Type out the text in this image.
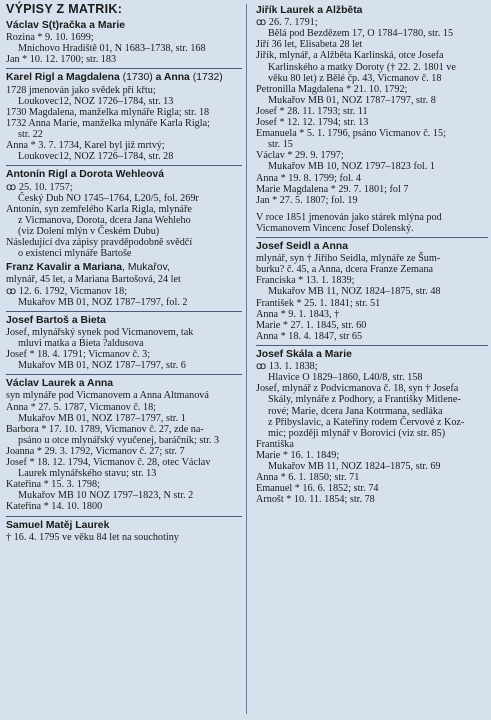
VÝPISY Z MATRIK:
Václav S(t)račka a Marie
Rozina * 9. 10. 1699;
Mnichovo Hradiště 01, N 1683–1738, str. 168
Jan * 10. 12. 1700; str. 183
Karel Rigl a Magdalena (1730) a Anna (1732)
1728 jmenován jako svědek při křtu;
Loukovec12, NOZ 1726–1784, str. 13
1730 Magdalena, manželka mlynáře Rigla; str. 18
1732 Anna Marie, manželka mlynáře Karla Rigla;
str. 22
Anna * 3. 7. 1734, Karel byl již mrtvý;
Loukovec12, NOZ 1726–1784, str. 28
Antonín Rigl a Dorota Wehleová
ꝏ 25. 10. 1757;
Český Dub NO 1745–1764, L20/5, fol. 269r
Antonín, syn zemřelého Karla Rigla, mlynáře
z Vicmanova, Dorota, dcera Jana Wehleho
(viz Dolení mlýn v Českém Dubu)
Následující dva zápisy pravděpodobně svědčí
o existenci mlynáře Bartoše
Franz Kavalir a Mariana, Mukařov,
mlynář, 45 let, a Mariana Bartošová, 24 let
ꝏ 12. 6. 1792, Vicmanov 18;
Mukařov MB 01, NOZ 1787–1797, fol. 2
Josef Bartoš a Bieta
Josef, mlynářský synek pod Vicmanovem, tak
mluvi matka a Bieta ?aldusova
Josef * 18. 4. 1791; Vicmanov č. 3;
Mukařov MB 01, NOZ 1787–1797, str. 6
Václav Laurek a Anna
syn mlynáře pod Vicmanovem a Anna Altmanová
Anna * 27. 5. 1787, Vicmanov č. 18;
Mukařov MB 01, NOZ 1787–1797, str. 1
Barbora * 17. 10. 1789, Vicmanov č. 27, zde na-
psáno u otce mlynářský vyučenej, baráčník; str. 3
Joanna * 29. 3. 1792, Vicmanov č. 27; str. 7
Josef * 18. 12. 1794, Vicmanov č. 28, otec Václav
Laurek mlynářského stavu; str. 13
Kateřina * 15. 3. 1798;
Mukařov MB 10 NOZ 1797–1823, N str. 2
Kateřina * 14. 10. 1800
Samuel Matěj Laurek
† 16. 4. 1795 ve věku 84 let na souchotiny
Jiřík Laurek a Alžběta
ꝏ 26. 7. 1791;
Bělá pod Bezdězem 17, O 1784–1780, str. 15
Jiří 36 let, Elisabeta 28 let
Jiřík, mlynář, a Alžběta Karlinská, otce Josefa
Karlinského a matky Doroty († 22. 2. 1801 ve
věku 80 let) z Bělé čp. 43, Vicmanov č. 18
Petronilla Magdalena * 21. 10. 1792;
Mukařov MB 01, NOZ 1787–1797, str. 8
Josef * 28. 11. 1793; str. 11
Josef * 12. 12. 1794; str. 13
Emanuela * 5. 1. 1796, psáno Vicmanov č. 15;
str. 15
Václav * 29. 9. 1797;
Mukařov MB 10, NOZ 1797–1823 fol. 1
Anna * 19. 8. 1799; fol. 4
Marie Magdalena * 29. 7. 1801; fol 7
Jan * 27. 5. 1807; fol. 19
V roce 1851 jmenován jako stárek mlýna pod
Vicmanovem Vincenc Josef Dolenský.
Josef Seidl a Anna
mlynář, syn † Jiřího Seidla, mlynáře ze Šum-
burku? č. 45, a Anna, dcera Franze Zemana
Franciska * 13. 1. 1839;
Mukařov MB 11, NOZ 1824–1875, str. 48
František * 25. 1. 1841; str. 51
Anna * 9. 1. 1843, †
Marie * 27. 1. 1845, str. 60
Anna * 18. 4. 1847, str 65
Josef Skála a Marie
ꝏ 13. 1. 1838;
Hlavice O 1829–1860, L40/8, str. 158
Josef, mlynář z Podvicmanova č. 18, syn † Josefa
Skály, mlynáře z Podhory, a Františky Mitlene-
rové; Marie, dcera Jana Kotrmana, sedláka
z Přibyslavic, a Kateřiny rodem Červové z Koz-
mic; později mlynář v Borovici (viz str. 85)
Františka
Marie * 16. 1. 1849;
Mukařov MB 11, NOZ 1824–1875, str. 69
Anna * 6. 1. 1850; str. 71
Emanuel * 16. 6. 1852; str. 74
Arnošt * 10. 11. 1854; str. 78
